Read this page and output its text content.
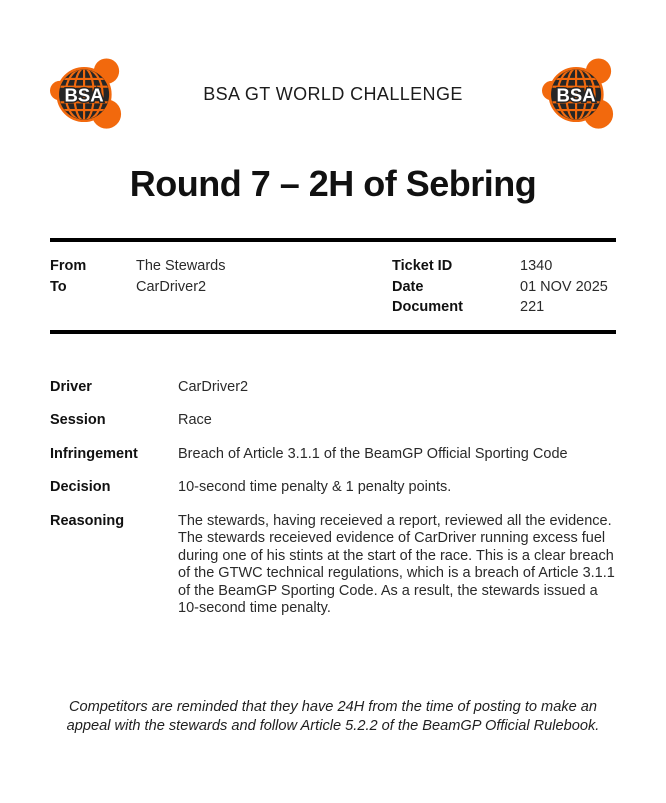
BSA	BSA GT WORLD CHALLENGE	BSA
Round 7 – 2H of Sebring
From	The Stewards
To	CarDriver2
Ticket ID	1340
Date	01 NOV 2025
Document	221
Driver	CarDriver2
Session	Race
Infringement	Breach of Article 3.1.1 of the BeamGP Official Sporting Code
Decision	10-second time penalty & 1 penalty points.
Reasoning	The stewards, having receieved a report, reviewed all the evidence. The stewards receieved evidence of CarDriver running excess fuel during one of his stints at the start of the race. This is a clear breach of the GTWC technical regulations, which is a breach of Article 3.1.1 of the BeamGP Sporting Code. As a result, the stewards issued a 10-second time penalty.
Competitors are reminded that they have 24H from the time of posting to make an appeal with the stewards and follow Article 5.2.2 of the BeamGP Official Rulebook.
